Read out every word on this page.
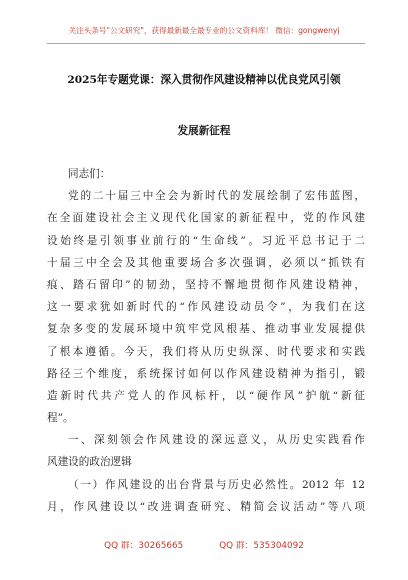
关注头条号"公文研究"，获得最新最全最专业的公文资料库！ 微信：gongwenyj
2025年专题党课：深入贯彻作风建设精神以优良党风引领
发展新征程
同志们：
党的二十届三中全会为新时代的发展绘制了宏伟蓝图，
在全面建设社会主义现代化国家的新征程中，党的作风建
设始终是引领事业前行的“生命线”。习近平总书记于二
十届三中全会及其他重要场合多次强调，必须以“抓铁有
痕、踏石留印”的韧劲，坚持不懈地贯彻作风建设精神，
这一要求犹如新时代的“作风建设动员令”，为我们在这
复杂多变的发展环境中筑牢党风根基、推动事业发展提供
了根本遵循。今天，我们将从历史纵深、时代要求和实践
路径三个维度，系统探讨如何以作风建设精神为指引，锻
造新时代共产党人的作风标杆，以“硬作风”护航“新征
程”。
一、深刻领会作风建设的深远意义，从历史实践看作
风建设的政治逻辑
（一）作风建设的出台背景与历史必然性。2012 年 12
月，作风建设以“改进调查研究、精简会议活动”等八项
QQ 群：30265665	QQ 群：535304092
